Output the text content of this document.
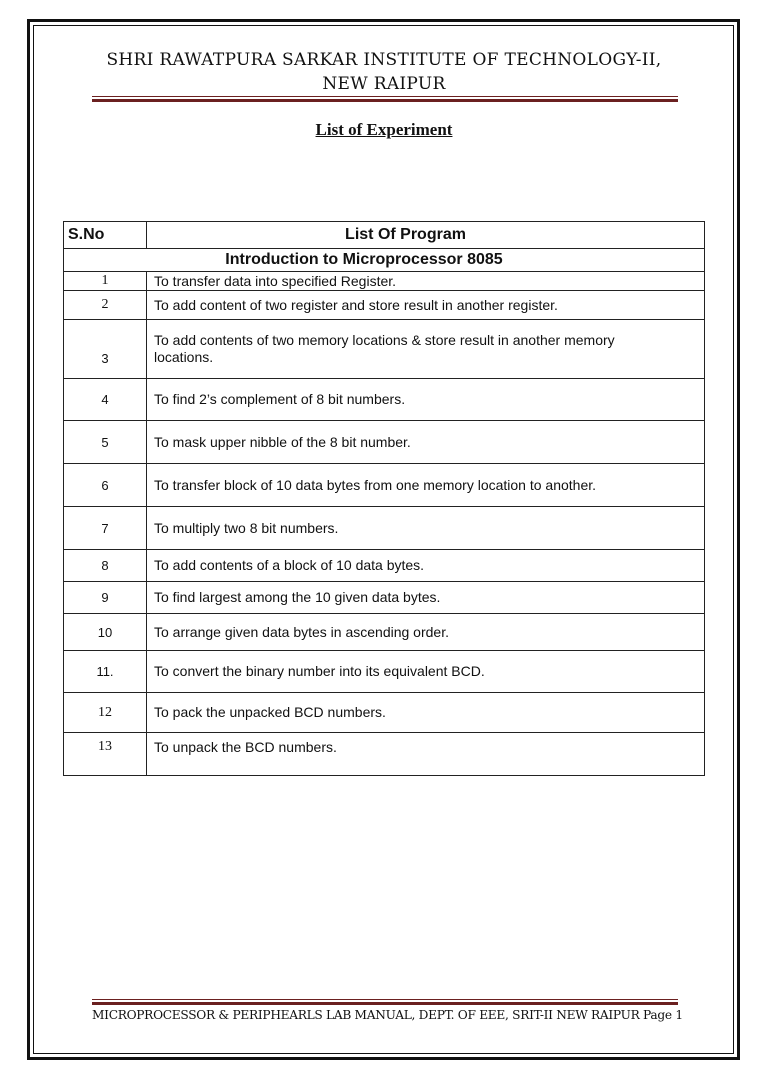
SHRI RAWATPURA SARKAR INSTITUTE OF TECHNOLOGY-II,
NEW RAIPUR
List of Experiment
S.No	List Of Program
Introduction to Microprocessor 8085	
1	To transfer data into specified Register.
2	To add content of two register and store result in another register.
3	To add contents of two memory locations & store result in another memory locations.
4	To find 2’s complement of 8 bit numbers.
5	To mask upper nibble of the 8 bit number.
6	To transfer block of 10 data bytes from one memory location to another.
7	To multiply two 8 bit numbers.
8	To add contents of a block of 10 data bytes.
9	To find largest among the 10 given data bytes.
10	To arrange given data bytes in ascending order.
11.	To convert the binary number into its equivalent BCD.
12	To pack the unpacked BCD numbers.
13	To unpack the BCD numbers.
MICROPROCESSOR & PERIPHEARLS LAB MANUAL, DEPT. OF EEE, SRIT-II NEW RAIPUR Page 1
